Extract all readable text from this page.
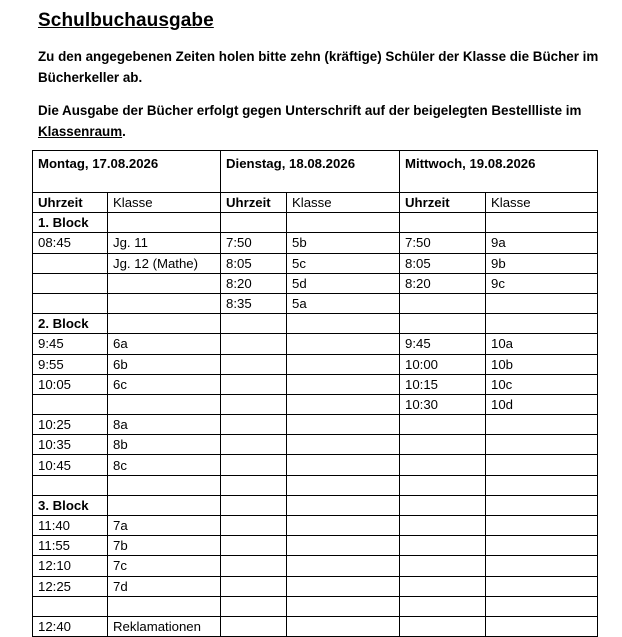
Schulbuchausgabe
Zu den angegebenen Zeiten holen bitte zehn (kräftige) Schüler der Klasse die Bücher im
Bücherkeller ab.
Die Ausgabe der Bücher erfolgt gegen Unterschrift auf der beigelegten Bestellliste im
Klassenraum.
Montag, 17.08.2026		Dienstag, 18.08.2026		Mittwoch, 19.08.2026	
Uhrzeit	Klasse	Uhrzeit	Klasse	Uhrzeit	Klasse
1. Block					
08:45	Jg. 11	7:50	5b	7:50	9a
	Jg. 12 (Mathe)	8:05	5c	8:05	9b
		8:20	5d	8:20	9c
		8:35	5a		
2. Block					
9:45	6a			9:45	10a
9:55	6b			10:00	10b
10:05	6c			10:15	10c
				10:30	10d
10:25	8a				
10:35	8b				
10:45	8c				

3. Block					
11:40	7a				
11:55	7b				
12:10	7c				
12:25	7d				

12:40	Reklamationen				
